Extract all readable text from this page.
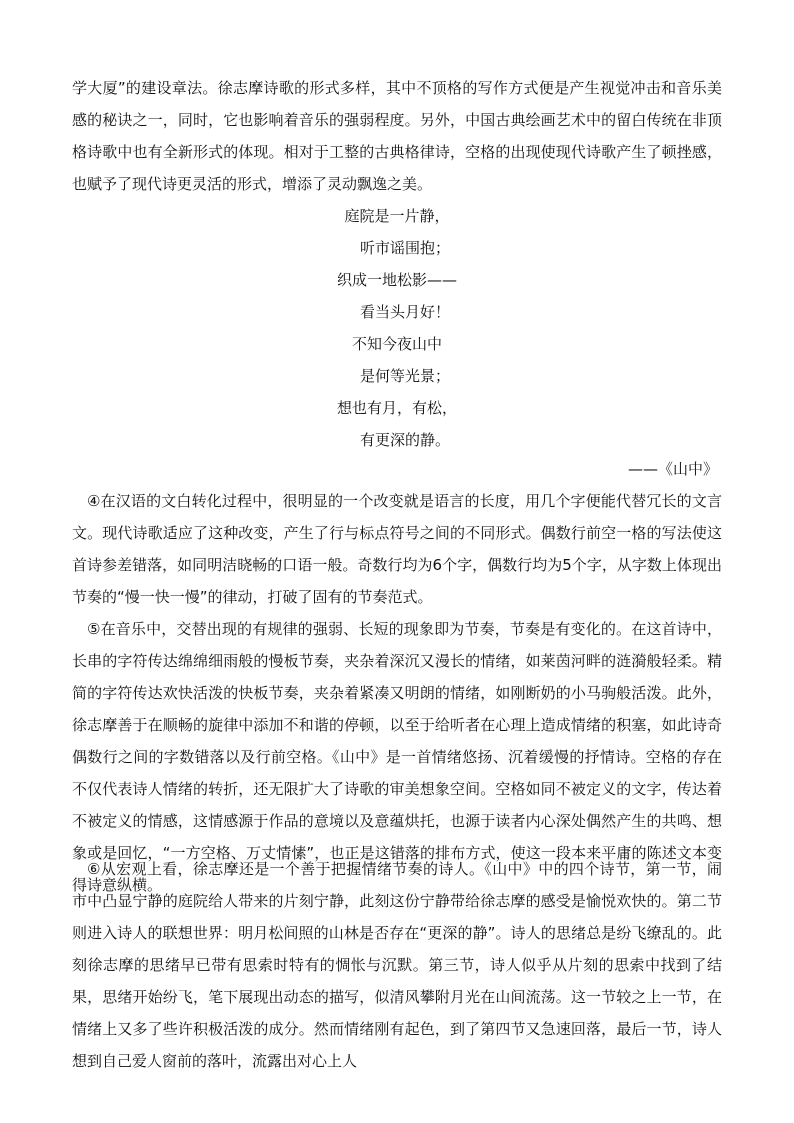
学大厦”的建设章法。徐志摩诗歌的形式多样，其中不顶格的写作方式便是产生视觉冲击和音乐美感的秘诀之一，同时，它也影响着音乐的强弱程度。另外，中国古典绘画艺术中的留白传统在非顶格诗歌中也有全新形式的体现。相对于工整的古典格律诗，空格的出现使现代诗歌产生了顿挫感，也赋予了现代诗更灵活的形式，增添了灵动飘逸之美。

庭院是一片静，
听市谣围抱；
织成一地松影——
看当头月好！
不知今夜山中
是何等光景；
想也有月，有松，
有更深的静。
——《山中》

④在汉语的文白转化过程中，很明显的一个改变就是语言的长度，用几个字便能代替冗长的文言文。现代诗歌适应了这种改变，产生了行与标点符号之间的不同形式。偶数行前空一格的写法使这首诗参差错落，如同明洁晓畅的口语一般。奇数行均为6个字，偶数行均为5个字，从字数上体现出节奏的“慢一快一慢”的律动，打破了固有的节奏范式。

⑤在音乐中，交替出现的有规律的强弱、长短的现象即为节奏，节奏是有变化的。在这首诗中，长串的字符传达绵绵细雨般的慢板节奏，夹杂着深沉又漫长的情绪，如莱茵河畔的涟漪般轻柔。精简的字符传达欢快活泼的快板节奏，夹杂着紧凑又明朗的情绪，如刚断奶的小马驹般活泼。此外，徐志摩善于在顺畅的旋律中添加不和谐的停顿，以至于给听者在心理上造成情绪的积塞，如此诗奇偶数行之间的字数错落以及行前空格。《山中》是一首情绪悠扬、沉着缓慢的抒情诗。空格的存在不仅代表诗人情绪的转折，还无限扩大了诗歌的审美想象空间。空格如同不被定义的文字，传达着不被定义的情感，这情感源于作品的意境以及意蕴烘托，也源于读者内心深处偶然产生的共鸣、想象或是回忆，“一方空格、万丈情愫”，也正是这错落的排布方式，使这一段本来平庸的陈述文本变得诗意纵横。

⑥从宏观上看，徐志摩还是一个善于把握情绪节奏的诗人。《山中》中的四个诗节，第一节，闹市中凸显宁静的庭院给人带来的片刻宁静，此刻这份宁静带给徐志摩的感受是愉悦欢快的。第二节则进入诗人的联想世界：明月松间照的山林是否存在“更深的静”。诗人的思绪总是纷飞缭乱的。此刻徐志摩的思绪早已带有思索时特有的惆怅与沉默。第三节，诗人似乎从片刻的思索中找到了结果，思绪开始纷飞，笔下展现出动态的描写，似清风攀附月光在山间流荡。这一节较之上一节，在情绪上又多了些许积极活泼的成分。然而情绪刚有起色，到了第四节又急速回落，最后一节，诗人想到自己爱人窗前的落叶，流露出对心上人
